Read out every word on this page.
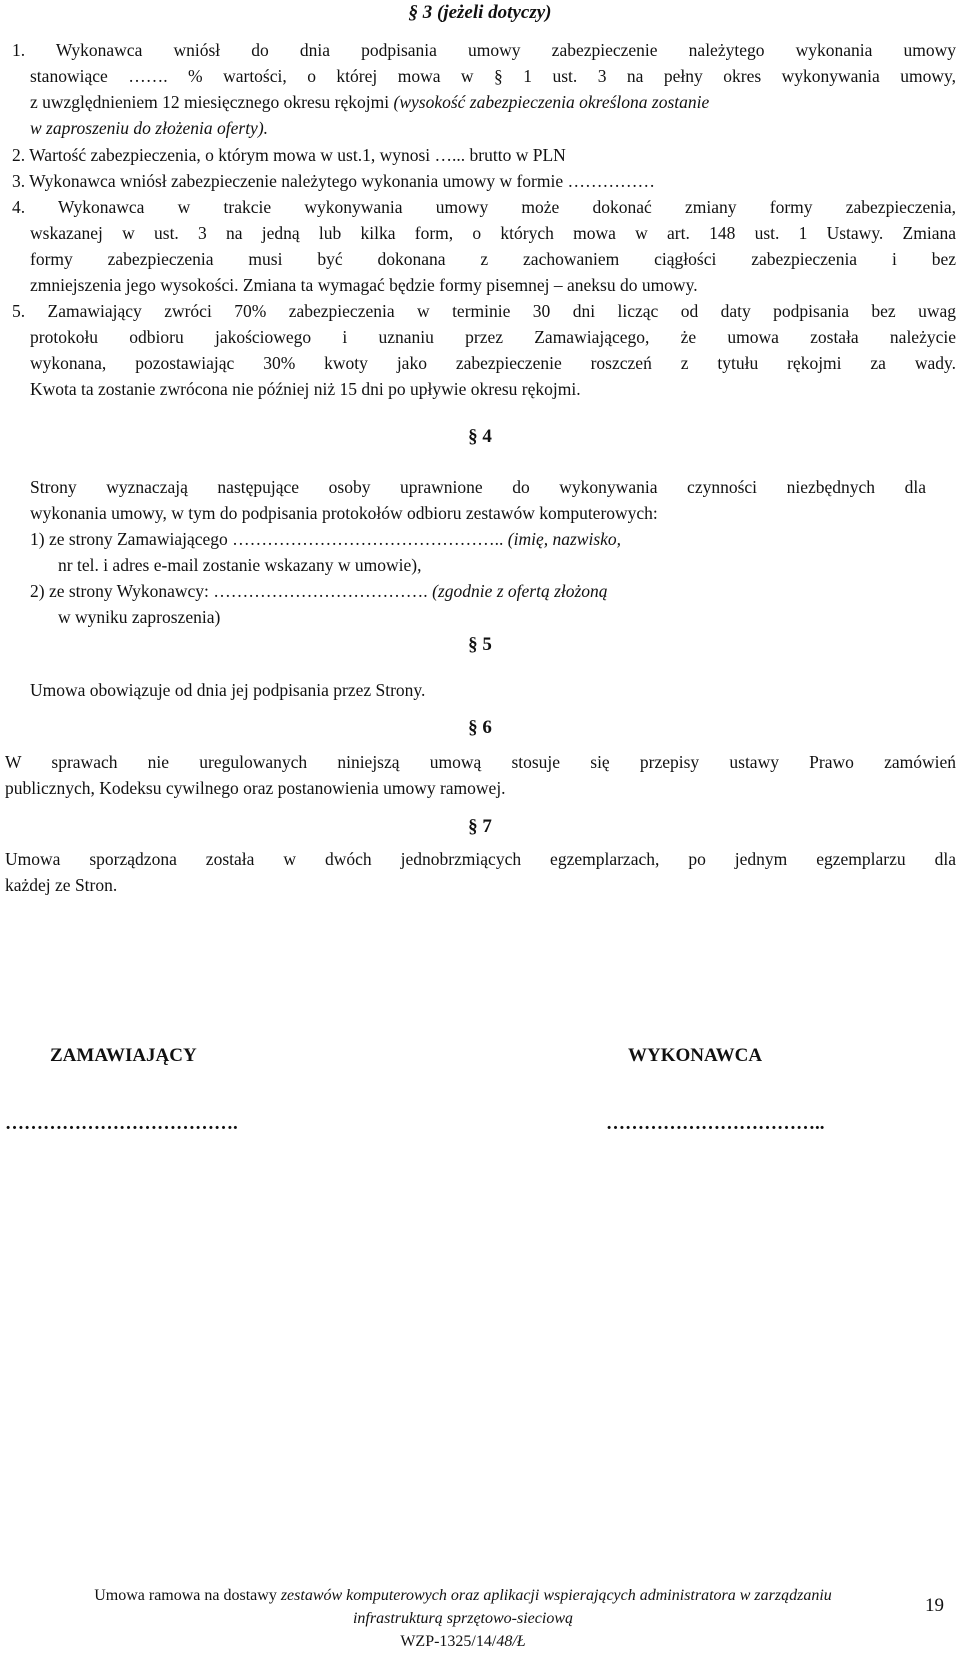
§ 3 (jeżeli dotyczy)
1. Wykonawca wniósł do dnia podpisania umowy zabezpieczenie należytego wykonania umowy
stanowiące ……. % wartości, o której mowa w § 1 ust. 3 na pełny okres wykonywania umowy,
z uwzględnieniem 12 miesięcznego okresu rękojmi (wysokość zabezpieczenia określona zostanie
w zaproszeniu do złożenia oferty).
2. Wartość zabezpieczenia, o którym mowa w ust.1, wynosi …... brutto w PLN
3. Wykonawca wniósł zabezpieczenie należytego wykonania umowy w formie ……………
4. Wykonawca w trakcie wykonywania umowy może dokonać zmiany formy zabezpieczenia,
wskazanej w ust. 3 na jedną lub kilka form, o których mowa w art. 148 ust. 1 Ustawy. Zmiana
formy zabezpieczenia musi być dokonana z zachowaniem ciągłości zabezpieczenia i bez
zmniejszenia jego wysokości. Zmiana ta wymagać będzie formy pisemnej – aneksu do umowy.
5. Zamawiający zwróci 70% zabezpieczenia w terminie 30 dni licząc od daty podpisania bez uwag
protokołu odbioru jakościowego i uznaniu przez Zamawiającego, że umowa została należycie
wykonana, pozostawiając 30% kwoty jako zabezpieczenie roszczeń z tytułu rękojmi za wady.
Kwota ta zostanie zwrócona nie później niż 15 dni po upływie okresu rękojmi.
§ 4
Strony wyznaczają następujące osoby uprawnione do wykonywania czynności niezbędnych dla
wykonania umowy, w tym do podpisania protokołów odbioru zestawów komputerowych:
1) ze strony Zamawiającego ……………………………………….. (imię, nazwisko,
nr tel. i adres e-mail zostanie wskazany w umowie),
2) ze strony Wykonawcy: ………………………………. (zgodnie z ofertą złożoną
w wyniku zaproszenia)
§ 5
Umowa obowiązuje od dnia jej podpisania przez Strony.
§ 6
W sprawach nie uregulowanych niniejszą umową stosuje się przepisy ustawy Prawo zamówień
publicznych, Kodeksu cywilnego oraz postanowienia umowy ramowej.
§ 7
Umowa sporządzona została w dwóch jednobrzmiących egzemplarzach, po jednym egzemplarzu dla
każdej ze Stron.
ZAMAWIAJĄCY	WYKONAWCA
……………………………….	……………………………..
Umowa ramowa na dostawy zestawów komputerowych oraz aplikacji wspierających administratora w zarządzaniu
infrastrukturą sprzętowo-sieciową
WZP-1325/14/48/Ł
19
